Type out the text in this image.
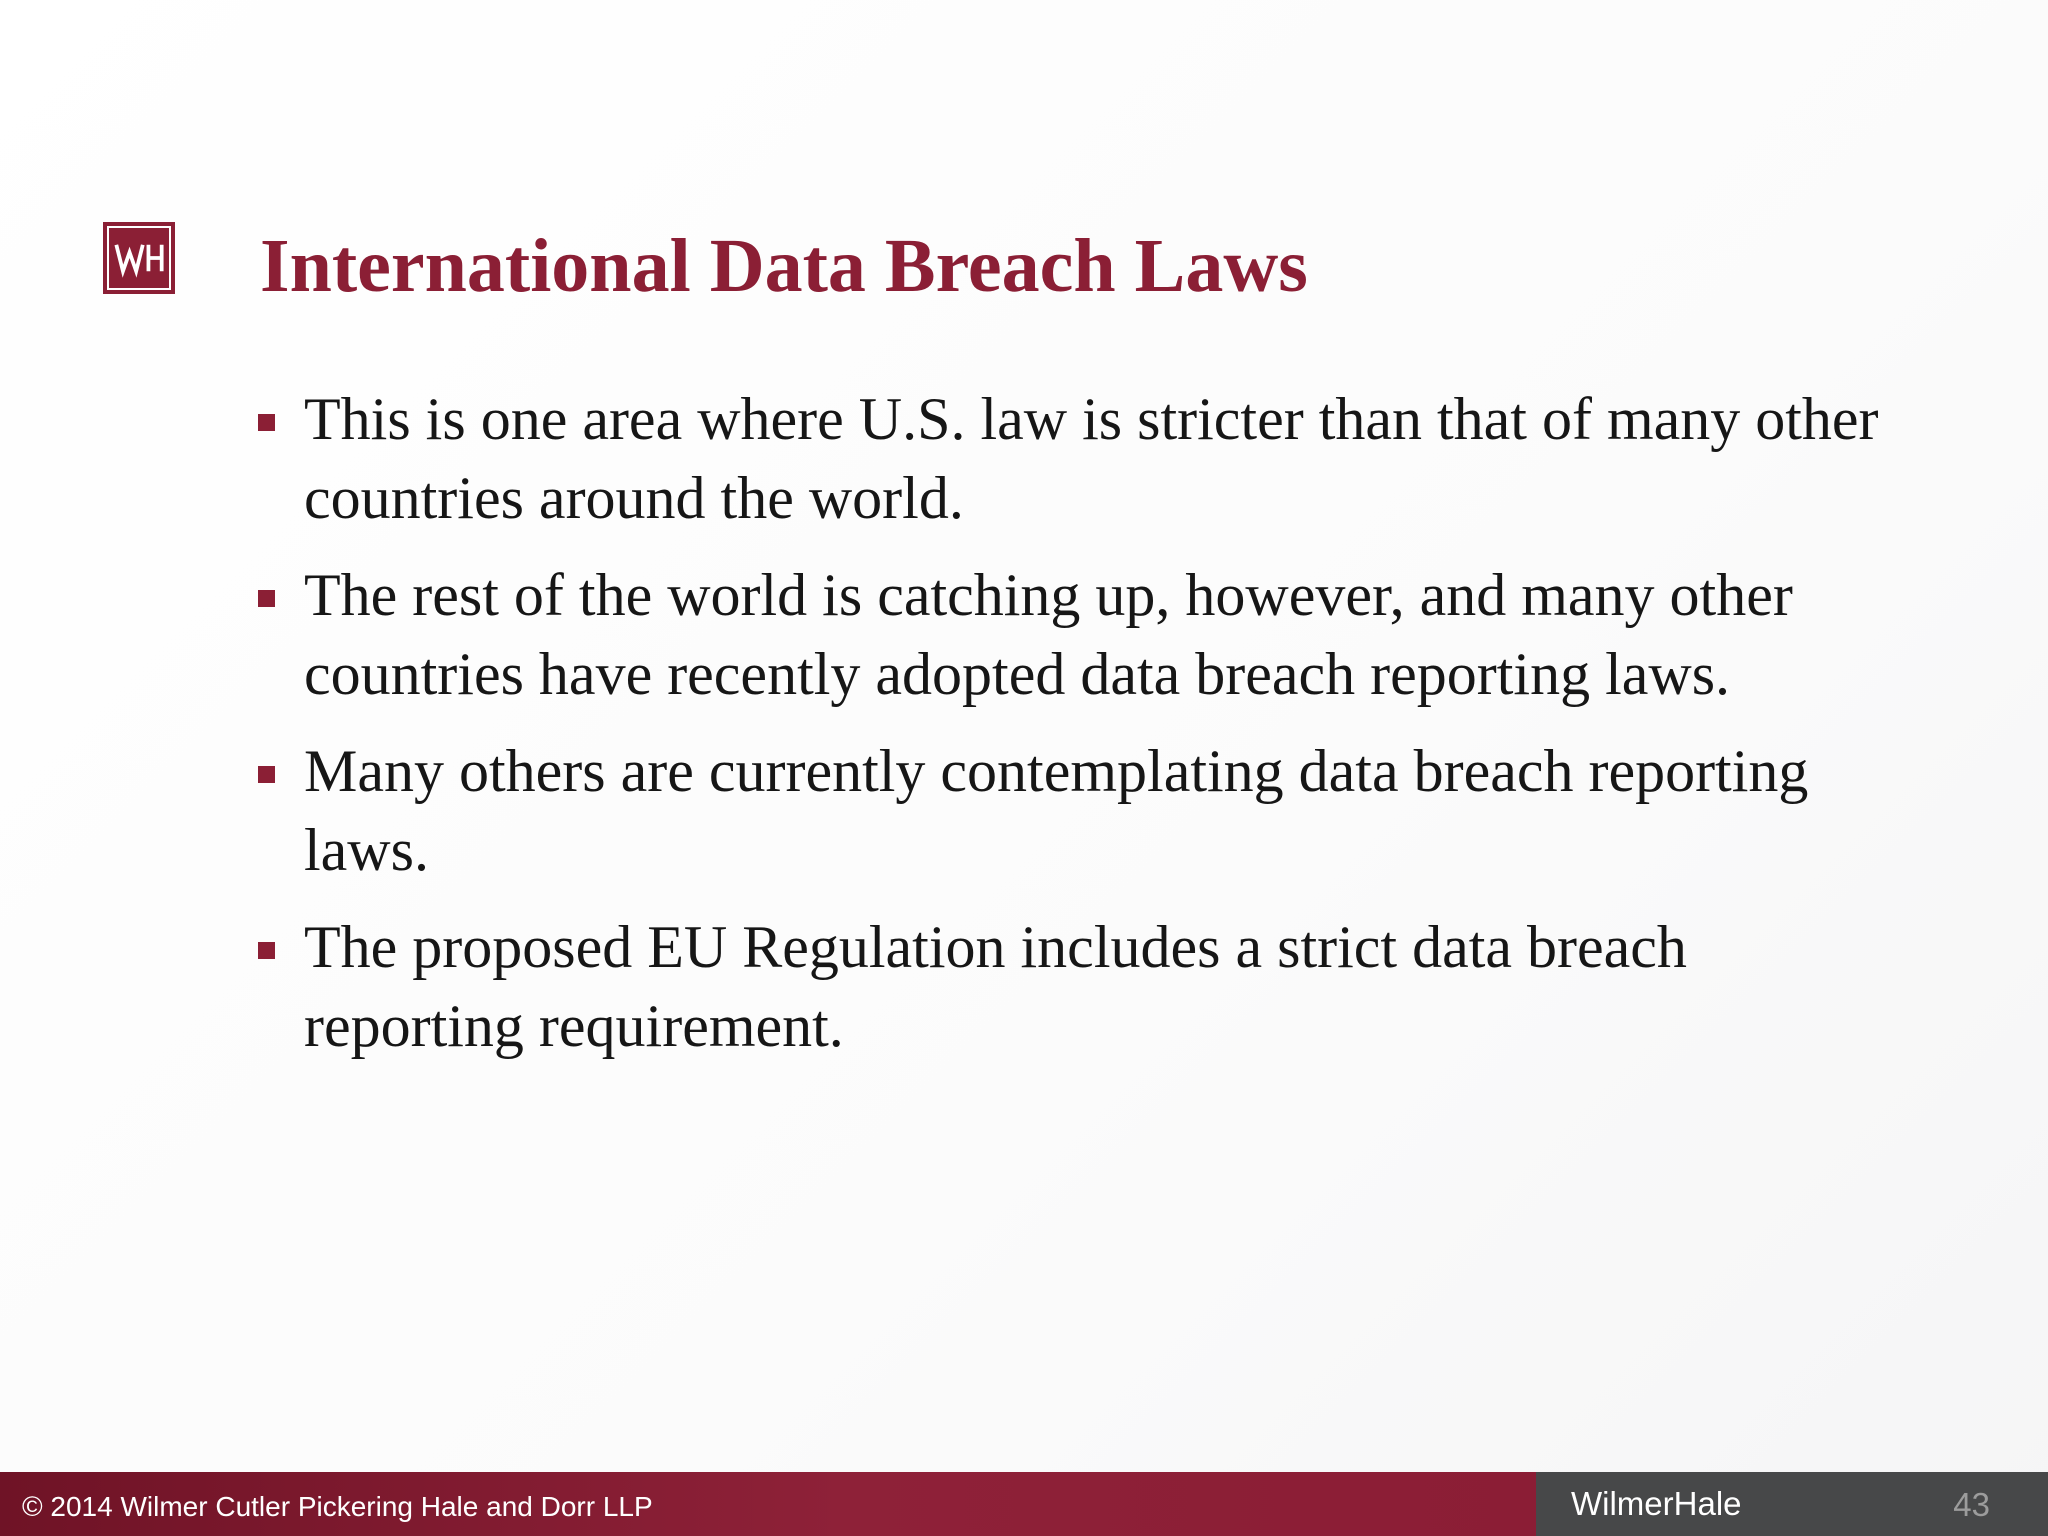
International Data Breach Laws
This is one area where U.S. law is stricter than that of many other countries around the world.
The rest of the world is catching up, however, and many other countries have recently adopted data breach reporting laws.
Many others are currently contemplating data breach reporting laws.
The proposed EU Regulation includes a strict data breach reporting requirement.
© 2014 Wilmer Cutler Pickering Hale and Dorr LLP	WilmerHale	43
